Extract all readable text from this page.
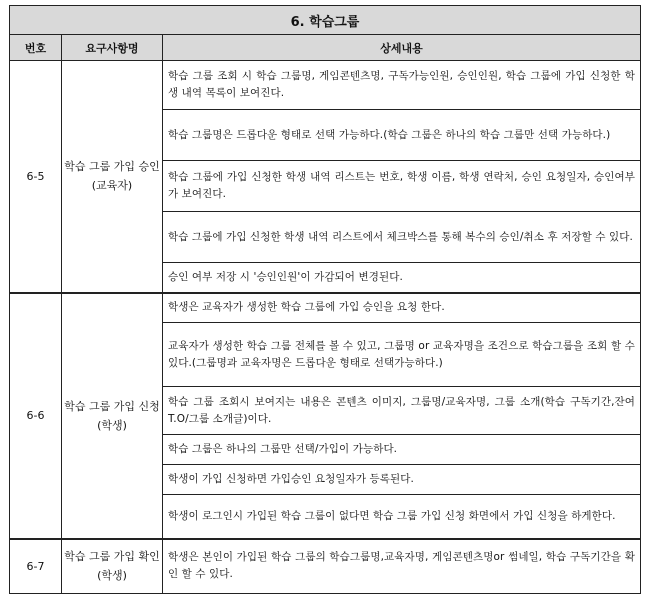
6. 학습그룹		
번호	요구사항명	상세내용
6-5	학습 그룹 가입 승인(교육자)	학습 그룹 조회 시 학습 그룹명, 게임콘텐츠명, 구독가능인원, 승인인원, 학습 그룹에 가입 신청한 학생 내역 목록이 보여진다.
		학습 그룹명은 드롭다운 형태로 선택 가능하다.(학습 그룹은 하나의 학습 그룹만 선택 가능하다.)
		학습 그룹에 가입 신청한 학생 내역 리스트는 번호, 학생 이름, 학생 연락처, 승인 요청일자, 승인여부가 보여진다.
		학습 그룹에 가입 신청한 학생 내역 리스트에서 체크박스를 통해 복수의 승인/취소 후 저장할 수 있다.
		승인 여부 저장 시 '승인인원'이 가감되어 변경된다.
6-6	학습 그룹 가입 신청(학생)	학생은 교육자가 생성한 학습 그룹에 가입 승인을 요청 한다.
		교육자가 생성한 학습 그룹 전체를 볼 수 있고, 그룹명 or 교육자명을 조건으로 학습그룹을 조회 할 수 있다.(그룹명과 교육자명은 드롭다운 형태로 선택가능하다.)
		학습 그룹 조회시 보여지는 내용은 콘텐츠 이미지, 그룹명/교육자명, 그룹 소개(학습 구독기간,잔여T.O/그룹 소개글)이다.
		학습 그룹은 하나의 그룹만 선택/가입이 가능하다.
		학생이 가입 신청하면 가입승인 요청일자가 등록된다.
		학생이 로그인시 가입된 학습 그룹이 없다면 학습 그룹 가입 신청 화면에서 가입 신청을 하게한다.
6-7	학습 그룹 가입 확인(학생)	학생은 본인이 가입된 학습 그룹의 학습그룹명,교육자명, 게임콘텐츠명or 썸네일, 학습 구독기간을 확인 할 수 있다.
